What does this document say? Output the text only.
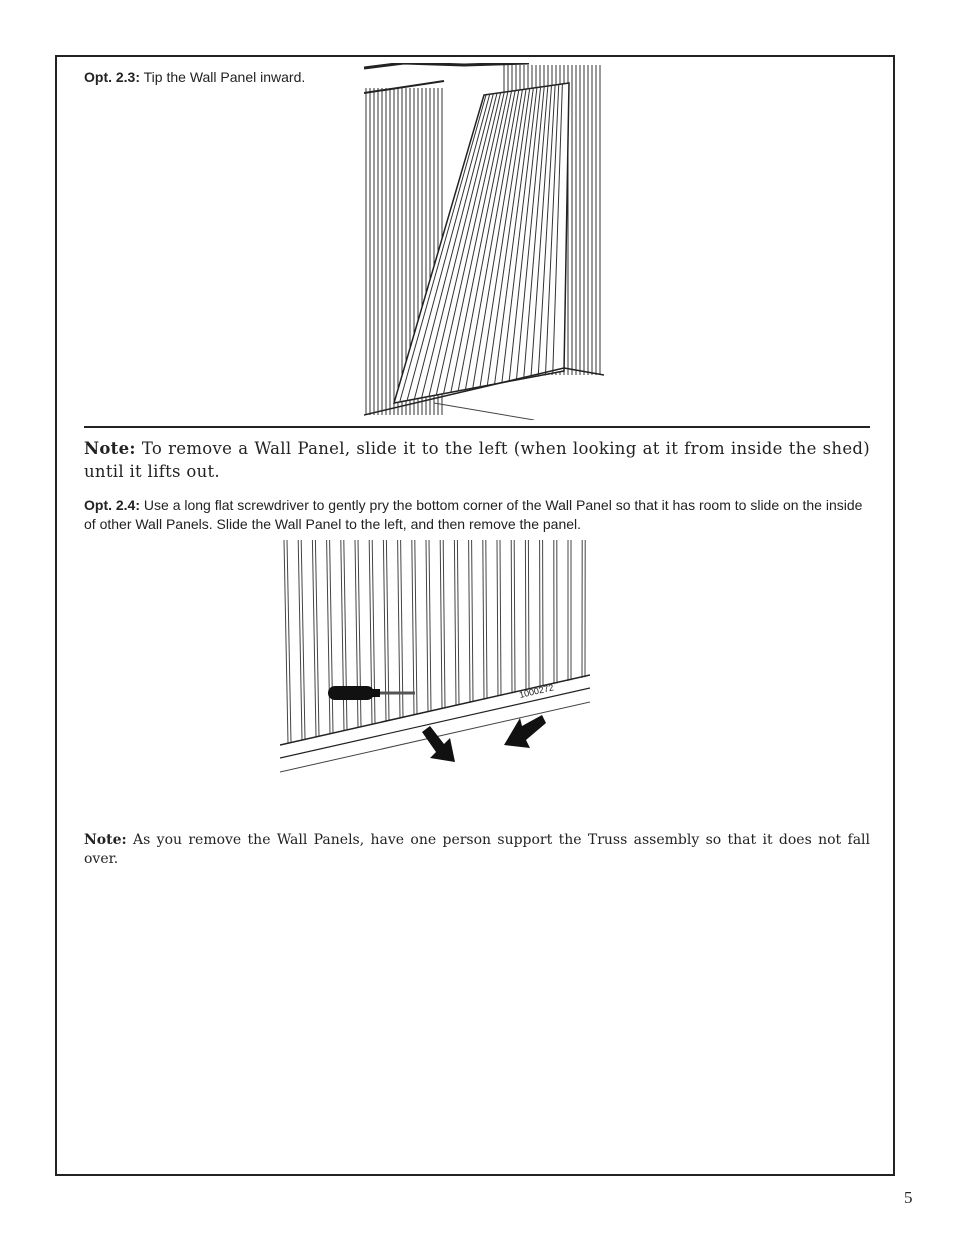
Opt. 2.3: Tip the Wall Panel inward.
Note: To remove a Wall Panel, slide it to the left (when looking at it from inside the shed) until it lifts out.
Opt. 2.4: Use a long flat screwdriver to gently pry the bottom corner of the Wall Panel so that it has room to slide on the inside of other Wall Panels. Slide the Wall Panel to the left, and then remove the panel.
1000272
Note: As you remove the Wall Panels, have one person support the Truss assembly so that it does not fall over.
5
